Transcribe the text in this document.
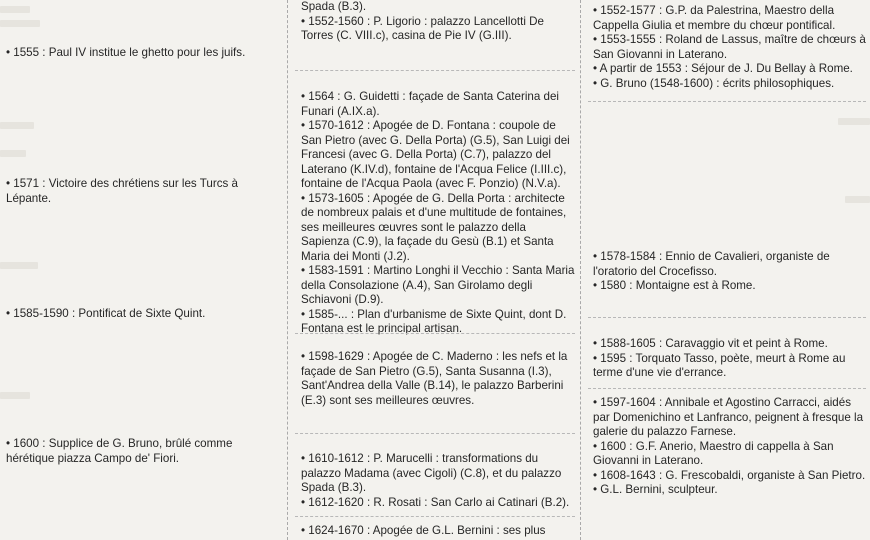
• 1555 : Paul IV institue le ghetto pour les juifs.

• 1571 : Victoire des chrétiens sur les Turcs à Lépante.

• 1585-1590 : Pontificat de Sixte Quint.

• 1600 : Supplice de G. Bruno, brûlé comme hérétique piazza Campo de' Fiori.

Spada (B.3).

• 1552-1560 : P. Ligorio : palazzo Lancellotti De Torres (C. VIII.c), casina de Pie IV (G.III).

• 1564 : G. Guidetti : façade de Santa Caterina dei Funari (A.IX.a).

• 1570-1612 : Apogée de D. Fontana : coupole de San Pietro (avec G. Della Porta) (G.5), San Luigi dei Francesi (avec G. Della Porta) (C.7), palazzo del Laterano (K.IV.d), fontaine de l'Acqua Felice (I.III.c), fontaine de l'Acqua Paola (avec F. Ponzio) (N.V.a).

• 1573-1605 : Apogée de G. Della Porta : architecte de nombreux palais et d'une multitude de fontaines, ses meilleures œuvres sont le palazzo della Sapienza (C.9), la façade du Gesù (B.1) et Santa Maria dei Monti (J.2).

• 1583-1591 : Martino Longhi il Vecchio : Santa Maria della Consolazione (A.4), San Girolamo degli Schiavoni (D.9).

• 1585-... : Plan d'urbanisme de Sixte Quint, dont D. Fontana est le principal artisan.

• 1598-1629 : Apogée de C. Maderno : les nefs et la façade de San Pietro (G.5), Santa Susanna (I.3), Sant'Andrea della Valle (B.14), le palazzo Barberini (E.3) sont ses meilleures œuvres.

• 1610-1612 : P. Marucelli : transformations du palazzo Madama (avec Cigoli) (C.8), et du palazzo Spada (B.3).

• 1612-1620 : R. Rosati : San Carlo ai Catinari (B.2).

• 1624-1670 : Apogée de G.L. Bernini : ses plus

• 1552-1577 : G.P. da Palestrina, Maestro della Cappella Giulia et membre du chœur pontifical.

• 1553-1555 : Roland de Lassus, maître de chœurs à San Giovanni in Laterano.

• A partir de 1553 : Séjour de J. Du Bellay à Rome.

• G. Bruno (1548-1600) : écrits philosophiques.

• 1578-1584 : Ennio de Cavalieri, organiste de l'oratorio del Crocefisso.

• 1580 : Montaigne est à Rome.

• 1588-1605 : Caravaggio vit et peint à Rome.

• 1595 : Torquato Tasso, poète, meurt à Rome au terme d'une vie d'errance.

• 1597-1604 : Annibale et Agostino Carracci, aidés par Domenichino et Lanfranco, peignent à fresque la galerie du palazzo Farnese.

• 1600 : G.F. Anerio, Maestro di cappella à San Giovanni in Laterano.

• 1608-1643 : G. Frescobaldi, organiste à San Pietro.

• G.L. Bernini, sculpteur.
